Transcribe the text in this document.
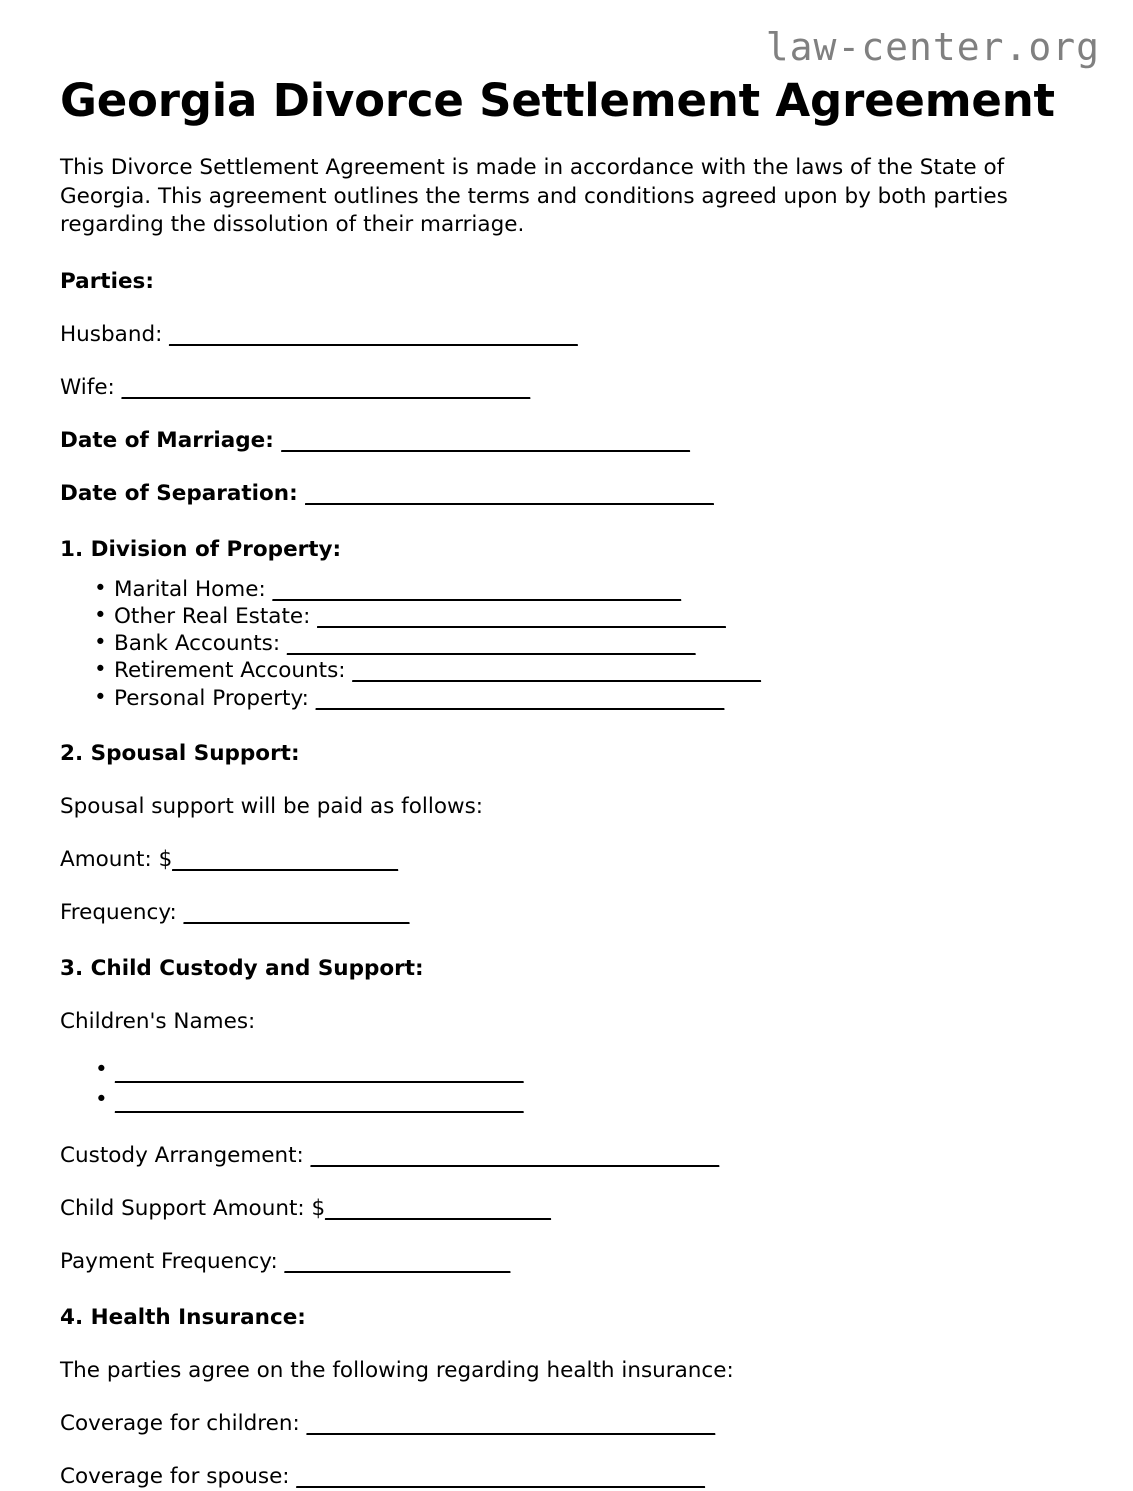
law-center.org
Georgia Divorce Settlement Agreement

This Divorce Settlement Agreement is made in accordance with the laws of the State of Georgia. This agreement outlines the terms and conditions agreed upon by both parties regarding the dissolution of their marriage.

Parties:
Husband: ______________________________________
Wife: ______________________________________
Date of Marriage: ______________________________________
Date of Separation: ______________________________________
1. Division of Property:
• Marital Home: ______________________________________
• Other Real Estate: ______________________________________
• Bank Accounts: ______________________________________
• Retirement Accounts: ______________________________________
• Personal Property: ______________________________________
2. Spousal Support:

Spousal support will be paid as follows:

Amount: $_____________________
Frequency: _____________________
3. Child Custody and Support:

Children's Names:

• ______________________________________
• ______________________________________
Custody Arrangement: ______________________________________
Child Support Amount: $_____________________
Payment Frequency: _____________________
4. Health Insurance:

The parties agree on the following regarding health insurance:

Coverage for children: ______________________________________
Coverage for spouse: ______________________________________
